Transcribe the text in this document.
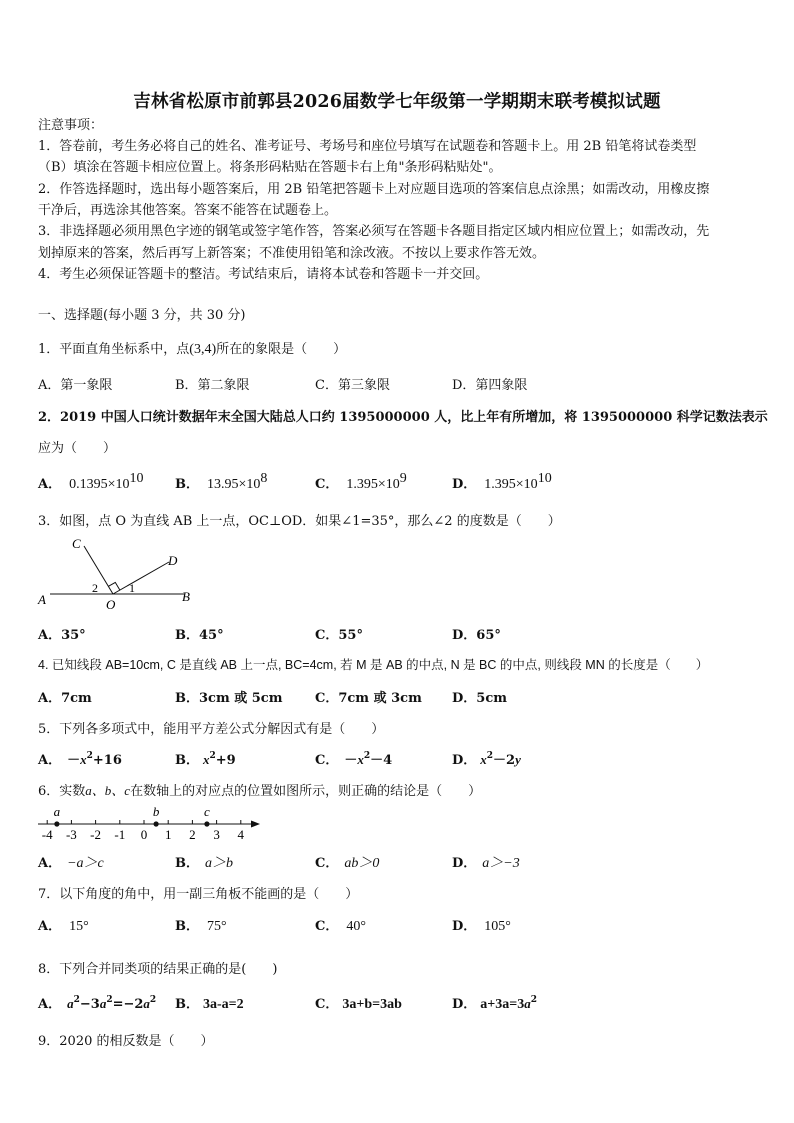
吉林省松原市前郭县2026届数学七年级第一学期期末联考模拟试题
注意事项：
1．答卷前，考生务必将自己的姓名、准考证号、考场号和座位号填写在试题卷和答题卡上。用 2B 铅笔将试卷类型
（B）填涂在答题卡相应位置上。将条形码粘贴在答题卡右上角"条形码粘贴处"。
2．作答选择题时，选出每小题答案后，用 2B 铅笔把答题卡上对应题目选项的答案信息点涂黑；如需改动，用橡皮擦
干净后，再选涂其他答案。答案不能答在试题卷上。
3．非选择题必须用黑色字迹的钢笔或签字笔作答，答案必须写在答题卡各题目指定区域内相应位置上；如需改动，先
划掉原来的答案，然后再写上新答案；不准使用铅笔和涂改液。不按以上要求作答无效。
4．考生必须保证答题卡的整洁。考试结束后，请将本试卷和答题卡一并交回。
一、选择题(每小题 3 分，共 30 分)
1．平面直角坐标系中，点(3,4)所在的象限是（　　）
A．第一象限	B．第二象限	C．第三象限	D．第四象限
2．2019 中国人口统计数据年末全国大陆总人口约 1395000000 人，比上年有所增加，将 1395000000 科学记数法表示
应为（　　）
A． $0.1395\times 10^{10}$ B． $13.95\times 10^8$	C． $1.395\times 10^9$	D． $1.395\times 10^{10}$
3．如图，点 O 为直线 AB 上一点，OC⊥OD．如果∠1=35°，那么∠2 的度数是（　　）
A	B
C
D
O
1
2
A．35°	B．45°	C．55°	D．65°
4. 已知线段 AB=10cm, C 是直线 AB 上一点, BC=4cm, 若 M 是 AB 的中点, N 是 BC 的中点, 则线段 MN 的长度是（　　）
A．7cm	B．3cm 或 5cm	C．7cm 或 3cm D．5cm
5．下列各多项式中，能用平方差公式分解因式有是（　　）
A． $-x^2+16$	B． $x^2+9$	C． $-x^2-4$	D． $x^2-2y$
6．实数a、b、c在数轴上的对应点的位置如图所示，则正确的结论是（　　）
-4 -3 -2 -1 0 1 2 3 4
a	b	c
A． −a＞c	B． a＞b	C． ab＞0	D． a＞−3
7．以下角度的角中，用一副三角板不能画的是（　　）
A． 15°	B． 75°	C． 40°	D． 105°
8．下列合并同类项的结果正确的是(　　)
A． $a^2-3a^2=-2a^2$ B． 3a-a=2	C． 3a+b=3ab	D． $a+3a=3a^2$
9．2020 的相反数是（　　）
